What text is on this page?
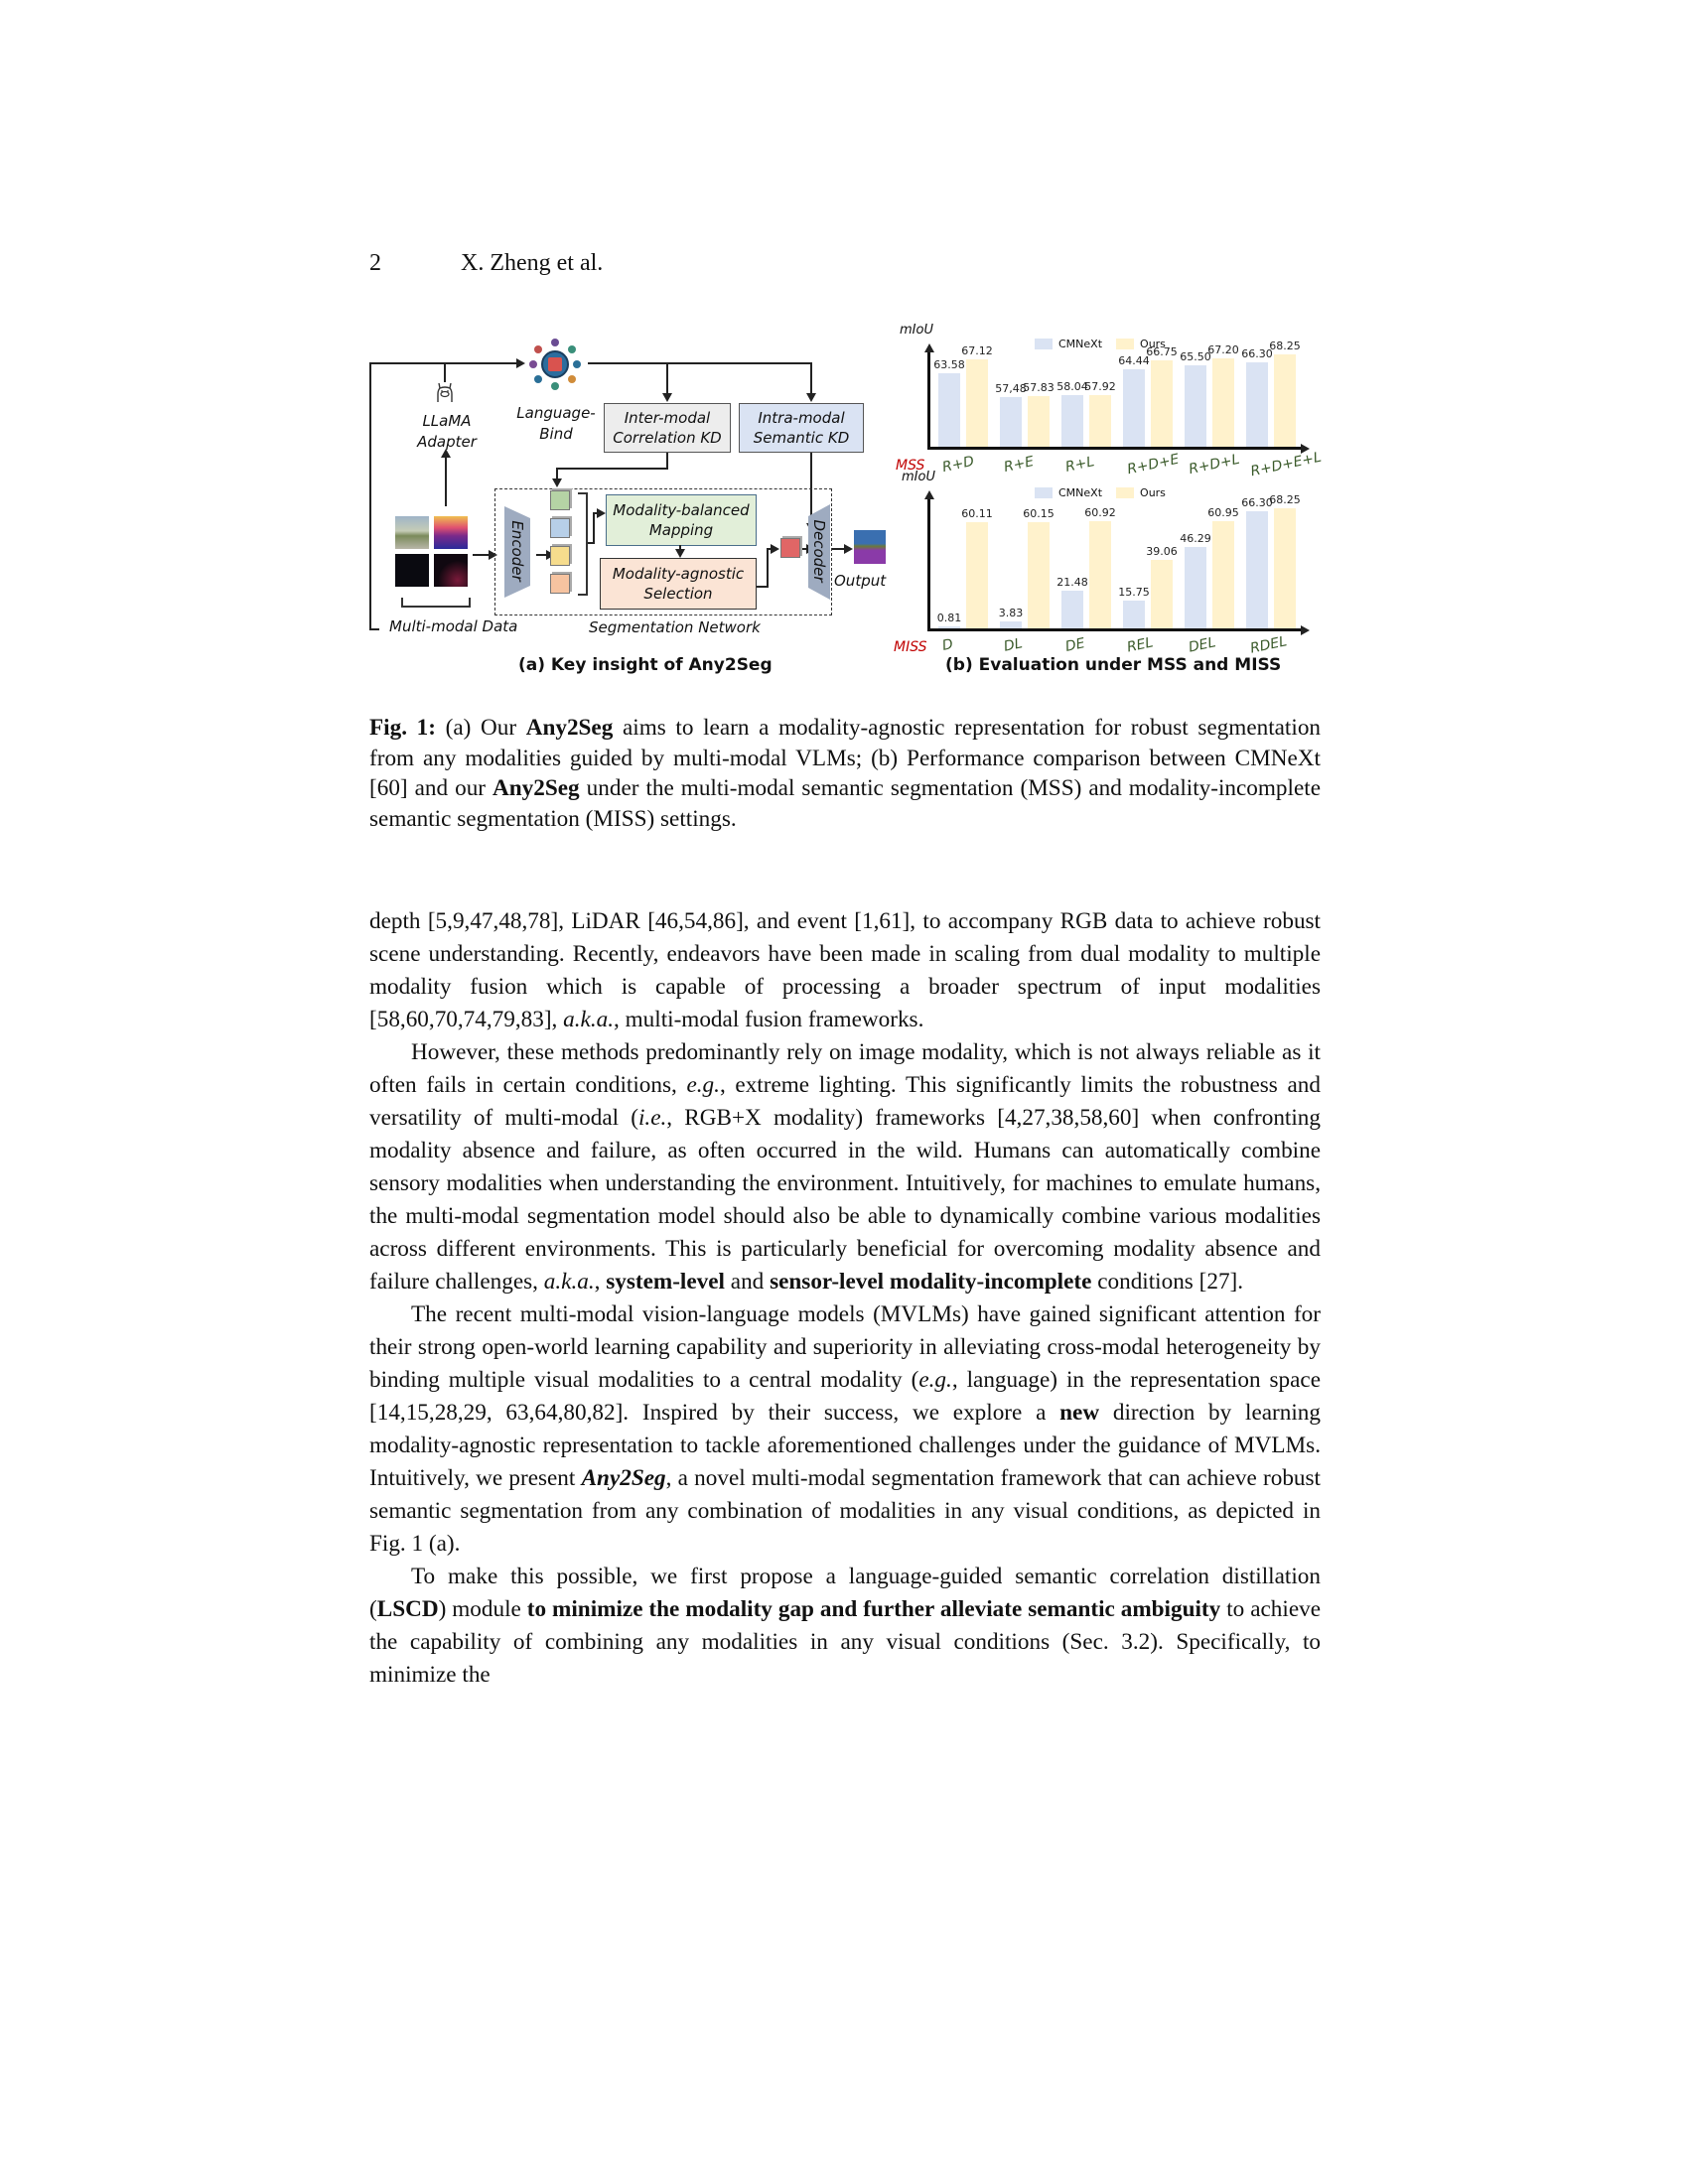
2	X. Zheng et al.
LLaMA
Adapter
Language-
Bind
Inter-modal
Correlation KD
Intra-modal
Semantic KD
Multi-modal Data	Segmentation Network
Encoder
Modality-balanced
Mapping
Modality-agnostic
Selection
Decoder Output
(a) Key insight of Any2Seg
mIoU
CMNeXt	Ours
63.58
67.12
57,48
57.83 58.04
57.92
64.44
66.75 65.50
67.20 66.30
68.25
MSS R+D R+E R+L R+D+E R+D+L R+D+E+L
mIoU
CMNeXt	Ours
0.81
60.11
3.83
60.15
21.48
60.92
15.75
39.06
46.29
60.95
66.30
68.25
MISS D	DL	DE	REL DEL RDEL
(b) Evaluation under MSS and MISS
Fig. 1: (a) Our Any2Seg aims to learn a modality-agnostic representation for robust segmentation from any modalities guided by multi-modal VLMs; (b) Performance comparison between CMNeXt [60] and our Any2Seg under the multi-modal semantic segmentation (MSS) and modality-incomplete semantic segmentation (MISS) settings.

depth [5,9,47,48,78], LiDAR [46,54,86], and event [1,61], to accompany RGB data to achieve robust scene understanding. Recently, endeavors have been made in scaling from dual modality to multiple modality fusion which is capable of processing a broader spectrum of input modalities [58,60,70,74,79,83], a.k.a., multi-modal fusion frameworks.

However, these methods predominantly rely on image modality, which is not always reliable as it often fails in certain conditions, e.g., extreme lighting. This significantly limits the robustness and versatility of multi-modal (i.e., RGB+X modality) frameworks [4,27,38,58,60] when confronting modality absence and failure, as often occurred in the wild. Humans can automatically combine sensory modalities when understanding the environment. Intuitively, for machines to emulate humans, the multi-modal segmentation model should also be able to dynamically combine various modalities across different environments. This is particularly beneficial for overcoming modality absence and failure challenges, a.k.a., system-level and sensor-level modality-incomplete conditions [27].

The recent multi-modal vision-language models (MVLMs) have gained significant attention for their strong open-world learning capability and superiority in alleviating cross-modal heterogeneity by binding multiple visual modalities to a central modality (e.g., language) in the representation space [14,15,28,29, 63,64,80,82]. Inspired by their success, we explore a new direction by learning modality-agnostic representation to tackle aforementioned challenges under the guidance of MVLMs. Intuitively, we present Any2Seg, a novel multi-modal segmentation framework that can achieve robust semantic segmentation from any combination of modalities in any visual conditions, as depicted in Fig. 1 (a).

To make this possible, we first propose a language-guided semantic correlation distillation (LSCD) module to minimize the modality gap and further alleviate semantic ambiguity to achieve the capability of combining any modalities in any visual conditions (Sec. 3.2). Specifically, to minimize the
